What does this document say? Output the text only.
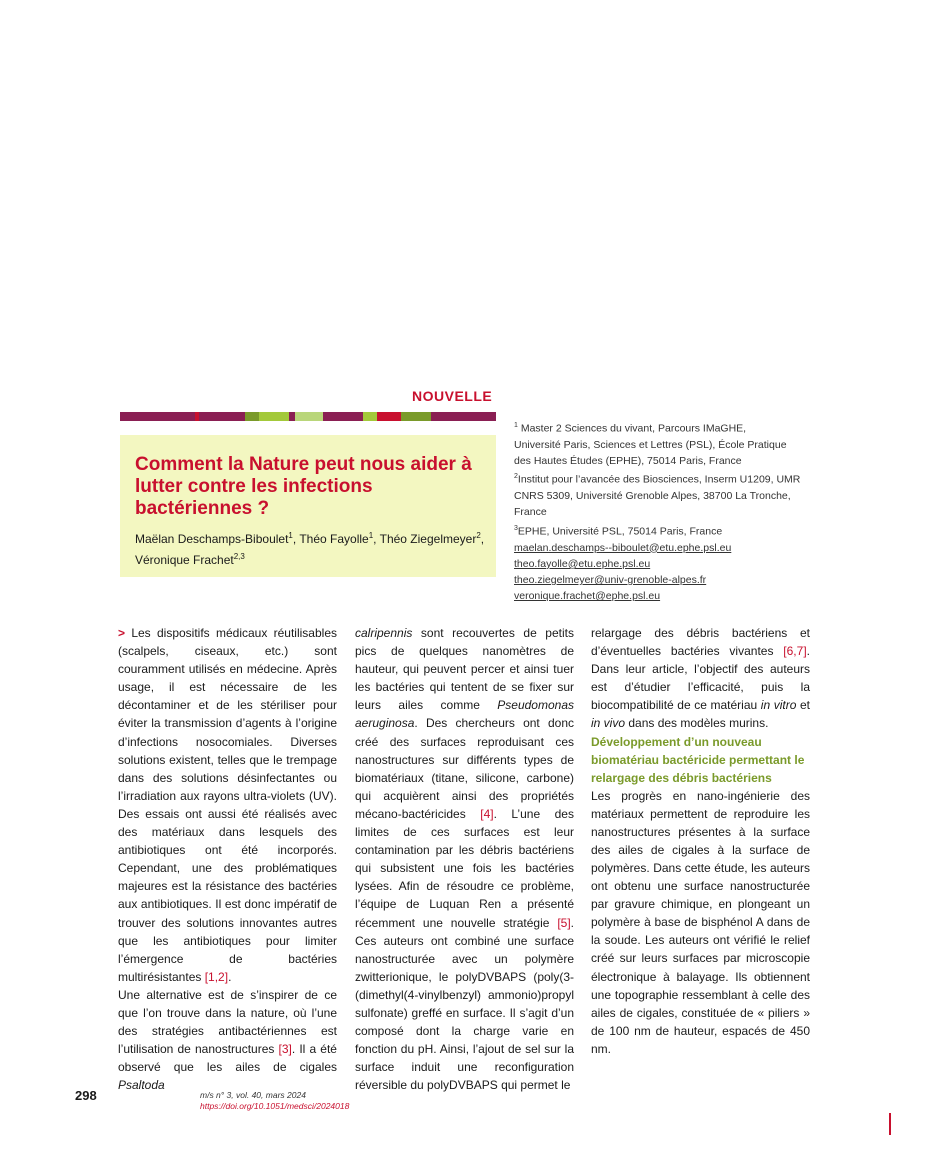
NOUVELLE
Comment la Nature peut nous aider à lutter contre les infections bactériennes ?
Maëlan Deschamps-Biboulet$^1$, Théo Fayolle$^1$, Théo Ziegelmeyer$^2$,
Véronique Frachet$^{2,3}$
$^1$ Master 2 Sciences du vivant, Parcours IMaGHE,
Université Paris, Sciences et Lettres (PSL), École Pratique
des Hautes Études (EPHE), 75014 Paris, France
$^2$Institut pour l’avancée des Biosciences, Inserm U1209, UMR
CNRS 5309, Université Grenoble Alpes, 38700 La Tronche, France
$^3$EPHE, Université PSL, 75014 Paris, France
maelan.deschamps--biboulet@etu.ephe.psl.eu
theo.fayolle@etu.ephe.psl.eu
theo.ziegelmeyer@univ-grenoble-alpes.fr
veronique.frachet@ephe.psl.eu

> Les dispositifs médicaux réutilisables (scalpels, ciseaux, etc.) sont couramment utilisés en médecine. Après usage, il est nécessaire de les décontaminer et de les stériliser pour éviter la transmission d’agents à l’origine d’infections nosocomiales. Diverses solutions existent, telles que le trempage dans des solutions désinfectantes ou l’irradiation aux rayons ultra-violets (UV). Des essais ont aussi été réalisés avec des matériaux dans lesquels des antibiotiques ont été incorporés. Cependant, une des problématiques majeures est la résistance des bactéries aux antibiotiques. Il est donc impératif de trouver des solutions innovantes autres que les antibiotiques pour limiter l’émergence de bactéries multirésistantes [1,2].

Une alternative est de s’inspirer de ce que l’on trouve dans la nature, où l’une des stratégies antibactériennes est l’utilisation de nanostructures [3]. Il a été observé que les ailes de cigales Psaltoda

calripennis sont recouvertes de petits pics de quelques nanomètres de hauteur, qui peuvent percer et ainsi tuer les bactéries qui tentent de se fixer sur leurs ailes comme Pseudomonas aeruginosa. Des chercheurs ont donc créé des surfaces reproduisant ces nanostructures sur différents types de biomatériaux (titane, silicone, carbone) qui acquièrent ainsi des propriétés mécano-bactéricides [4]. L’une des limites de ces surfaces est leur contamination par les débris bactériens qui subsistent une fois les bactéries lysées. Afin de résoudre ce problème, l’équipe de Luquan Ren a présenté récemment une nouvelle stratégie [5]. Ces auteurs ont combiné une surface nanostructurée avec un polymère zwitterionique, le polyDVBAPS (poly(3-(dimethyl(4-vinylbenzyl) ammonio)propyl sulfonate) greffé en surface. Il s’agit d’un composé dont la charge varie en fonction du pH. Ainsi, l’ajout de sel sur la surface induit une reconfiguration réversible du polyDVBAPS qui permet le

relargage des débris bactériens et d’éventuelles bactéries vivantes [6,7]. Dans leur article, l’objectif des auteurs est d’étudier l’efficacité, puis la biocompatibilité de ce matériau in vitro et in vivo dans des modèles murins.

Développement d’un nouveau biomatériau bactéricide permettant le relargage des débris bactériens

Les progrès en nano-ingénierie des matériaux permettent de reproduire les nanostructures présentes à la surface des ailes de cigales à la surface de polymères. Dans cette étude, les auteurs ont obtenu une surface nanostructurée par gravure chimique, en plongeant un polymère à base de bisphénol A dans de la soude. Les auteurs ont vérifié le relief créé sur leurs surfaces par microscopie électronique à balayage. Ils obtiennent une topographie ressemblant à celle des ailes de cigales, constituée de « piliers » de 100 nm de hauteur, espacés de 450 nm.

298	m/s n° 3, vol. 40, mars 2024
https://doi.org/10.1051/medsci/2024018
